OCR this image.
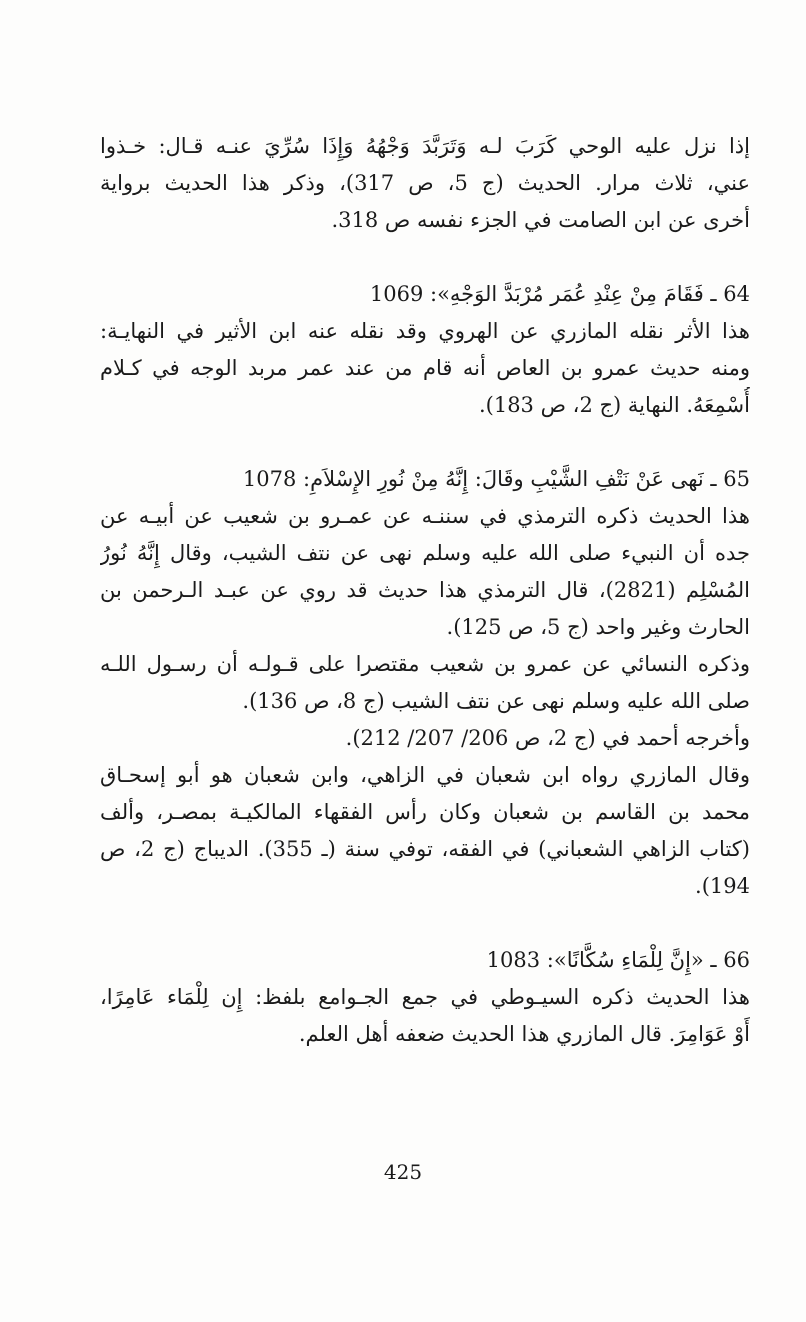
إذا نزل عليه الوحي كَرَبَ لـه وَتَرَبَّدَ وَجْهُهُ وَإِذَا سُرِّيَ عنـه قـال: خـذوا
عني، ثلاث مرار. الحديث (ج 5، ص 317)، وذكر هذا الحديث برواية
أخرى عن ابن الصامت في الجزء نفسه ص 318.
64 ـ فَقَامَ مِنْ عِنْدِ عُمَر مُرْبَدَّ الوَجْهِ»: 1069
هذا الأثر نقله المازري عن الهروي وقد نقله عنه ابن الأثير في النهايـة:
ومنه حديث عمرو بن العاص أنه قام من عند عمر مربد الوجه في كـلام
أُسْمِعَهُ. النهاية (ج 2، ص 183).
65 ـ نَهى عَنْ نَتْفِ الشَّيْبِ وقَالَ: إِنَّهُ مِنْ نُورِ الإِسْلاَمِ: 1078
هذا الحديث ذكره الترمذي في سننـه عن عمـرو بن شعيب عن أبيـه عن
جده أن النبيء صلى الله عليه وسلم نهى عن نتف الشيب، وقال إِنَّهُ نُورُ
المُسْلِم (2821)، قال الترمذي هذا حديث قد روي عن عبـد الـرحمن بن
الحارث وغير واحد (ج 5، ص 125).
وذكره النسائي عن عمرو بن شعيب مقتصرا على قـولـه أن رسـول اللـه
صلى الله عليه وسلم نهى عن نتف الشيب (ج 8، ص 136).
وأخرجه أحمد في (ج 2، ص 206/ 207/ 212).
وقال المازري رواه ابن شعبان في الزاهي، وابن شعبان هو أبو إسحـاق
محمد بن القاسم بن شعبان وكان رأس الفقهاء المالكيـة بمصـر، وألف
(كتاب الزاهي الشعباني) في الفقه، توفي سنة (ـ 355). الديباج (ج 2، ص
194).
66 ـ «إِنَّ لِلْمَاءِ سُكَّانًا»: 1083
هذا الحديث ذكره السيـوطي في جمع الجـوامع بلفظ: إِن لِلْمَاء عَامِرًا،
أَوْ عَوَامِرَ. قال المازري هذا الحديث ضعفه أهل العلم.
425
